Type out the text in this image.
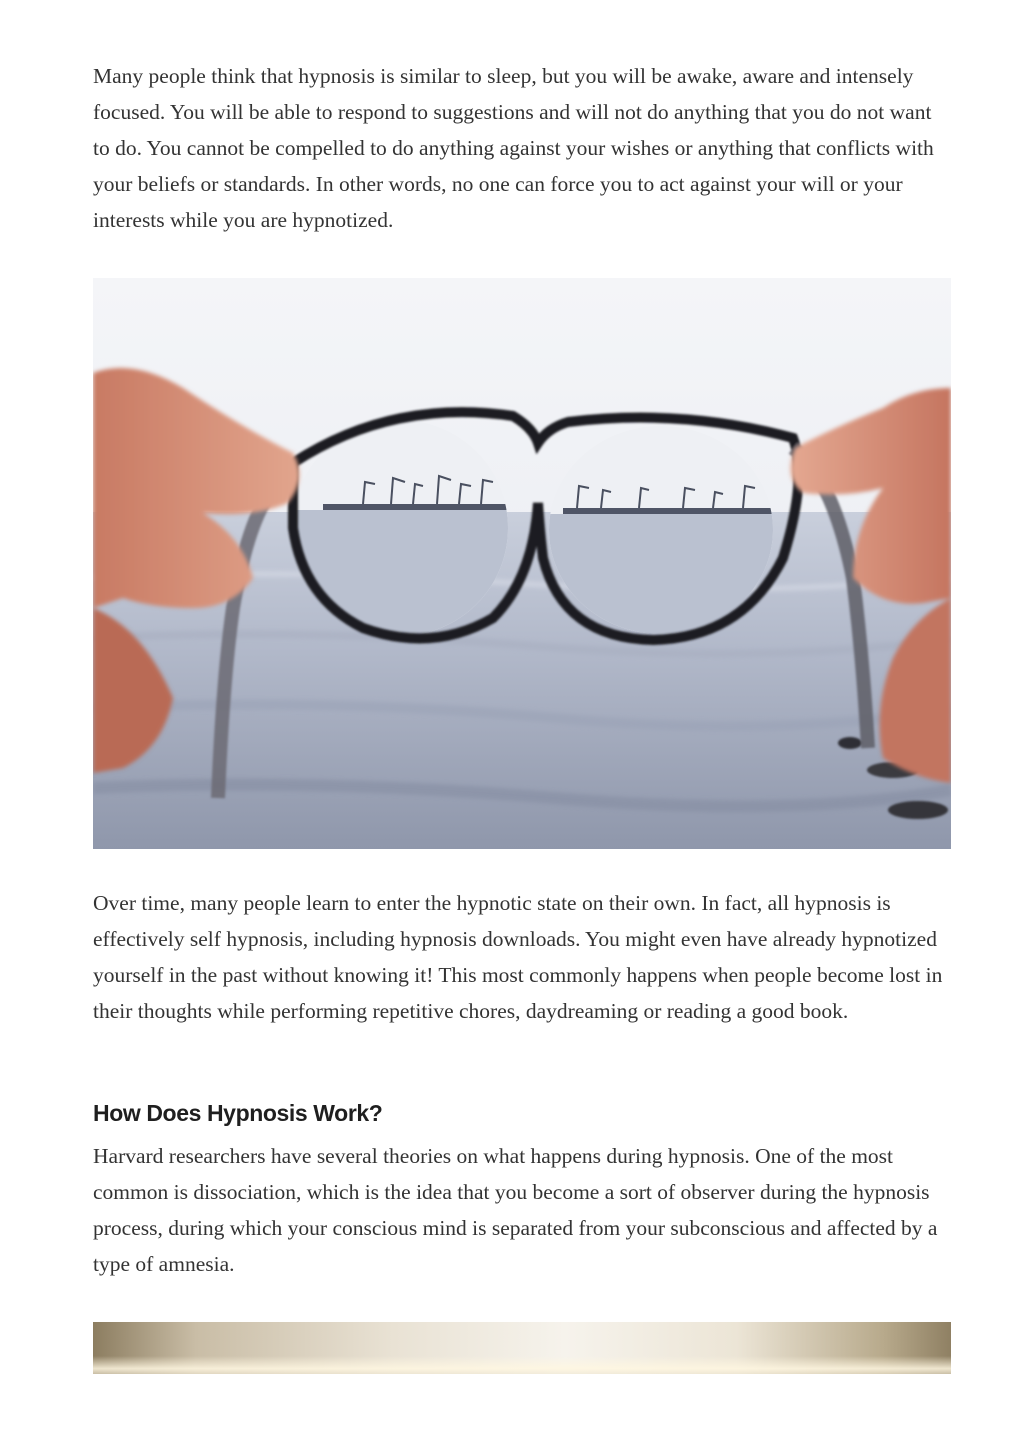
Many people think that hypnosis is similar to sleep, but you will be awake, aware and intensely focused. You will be able to respond to suggestions and will not do anything that you do not want to do. You cannot be compelled to do anything against your wishes or anything that conflicts with your beliefs or standards. In other words, no one can force you to act against your will or your interests while you are hypnotized.

Over time, many people learn to enter the hypnotic state on their own. In fact, all hypnosis is effectively self hypnosis, including hypnosis downloads. You might even have already hypnotized yourself in the past without knowing it! This most commonly happens when people become lost in their thoughts while performing repetitive chores, daydreaming or reading a good book.

How Does Hypnosis Work?

Harvard researchers have several theories on what happens during hypnosis. One of the most common is dissociation, which is the idea that you become a sort of observer during the hypnosis process, during which your conscious mind is separated from your subconscious and affected by a type of amnesia.
